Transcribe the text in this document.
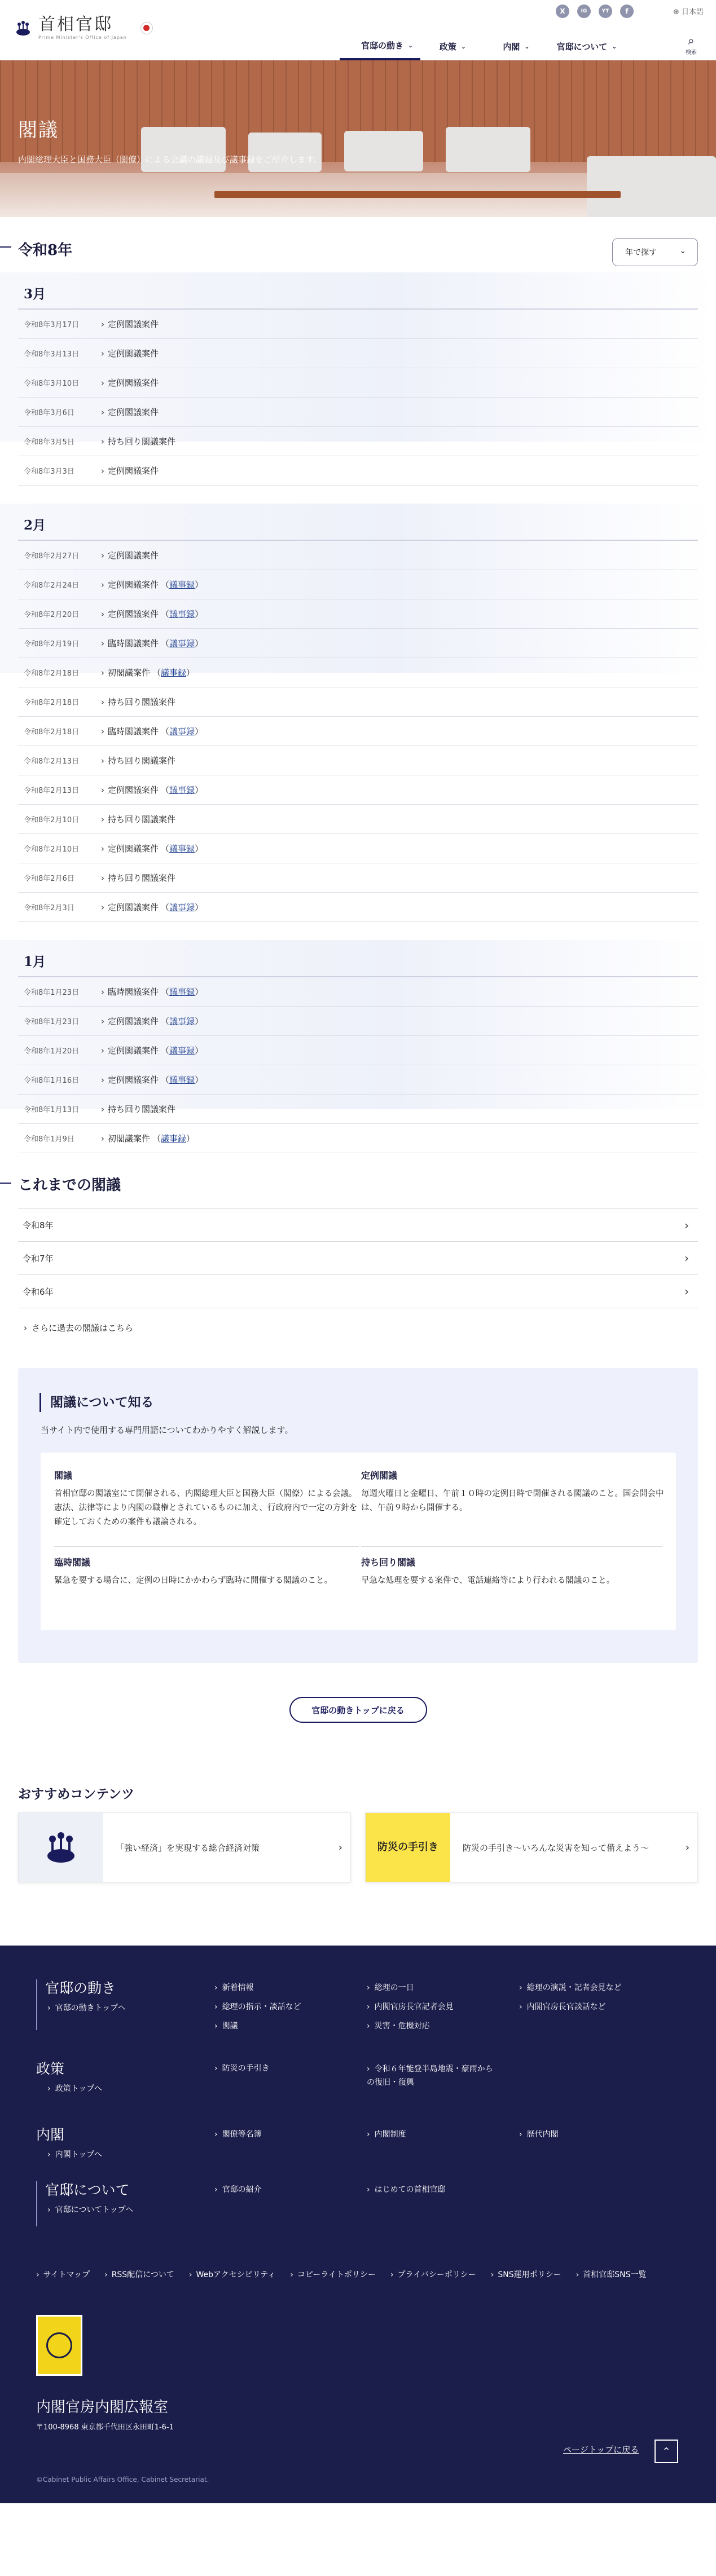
首相官邸
Prime Minister's Office of Japan
X	IG	YT	f	⊕ 日本語
官邸の動き ⌄	政策 ⌄	内閣 ⌄	官邸について ⌄	⌕
検索
閣議

内閣総理大臣と国務大臣（閣僚）による会議の議題及び議事録をご紹介します。

令和8年	年で探す	⌄
3月
令和8年3月17日	› 定例閣議案件
令和8年3月13日	› 定例閣議案件
令和8年3月10日	› 定例閣議案件
令和8年3月6日	› 定例閣議案件
令和8年3月5日	› 持ち回り閣議案件
令和8年3月3日	› 定例閣議案件
2月
令和8年2月27日	› 定例閣議案件
令和8年2月24日	› 定例閣議案件 （議事録）
令和8年2月20日	› 定例閣議案件 （議事録）
令和8年2月19日	› 臨時閣議案件 （議事録）
令和8年2月18日	› 初閣議案件 （議事録）
令和8年2月18日	› 持ち回り閣議案件
令和8年2月18日	› 臨時閣議案件 （議事録）
令和8年2月13日	› 持ち回り閣議案件
令和8年2月13日	› 定例閣議案件 （議事録）
令和8年2月10日	› 持ち回り閣議案件
令和8年2月10日	› 定例閣議案件 （議事録）
令和8年2月6日	› 持ち回り閣議案件
令和8年2月3日	› 定例閣議案件 （議事録）
1月
令和8年1月23日	› 臨時閣議案件 （議事録）
令和8年1月23日	› 定例閣議案件 （議事録）
令和8年1月20日	› 定例閣議案件 （議事録）
令和8年1月16日	› 定例閣議案件 （議事録）
令和8年1月13日	› 持ち回り閣議案件
令和8年1月9日	› 初閣議案件 （議事録）
これまでの閣議
令和8年	›
令和7年	›
令和6年	›
› さらに過去の閣議はこちら
閣議について知る
当サイト内で使用する専門用語についてわかりやすく解説します。
閣議

首相官邸の閣議室にて開催される、内閣総理大臣と国務大臣（閣僚）による会議。
憲法、法律等により内閣の職権とされているものに加え、行政府内で一定の方針を確定しておくための案件も議論される。

定例閣議

毎週火曜日と金曜日、午前１０時の定例日時で開催される閣議のこと。国会開会中は、午前９時から開催する。

臨時閣議

緊急を要する場合に、定例の日時にかかわらず臨時に開催する閣議のこと。

持ち回り閣議

早急な処理を要する案件で、電話連絡等により行われる閣議のこと。

官邸の動きトップに戻る
おすすめコンテンツ
「強い経済」を実現する総合経済対策	›	防災の手引き	防災の手引き～いろんな災害を知って備えよう～	›
官邸の動き
› 官邸の動きトップへ
› 新着情報
› 総理の指示・談話など
› 閣議
› 総理の一日
› 内閣官房長官記者会見
› 災害・危機対応
› 総理の演説・記者会見など
› 内閣官房長官談話など
政策
› 政策トップへ
› 防災の手引き	› 令和６年能登半島地震・豪雨からの復旧・復興
内閣
› 内閣トップへ
› 閣僚等名簿	› 内閣制度	› 歴代内閣
官邸について
› 官邸についてトップへ
› 官邸の紹介	› はじめての首相官邸
› サイトマップ	› RSS配信について	› Webアクセシビリティ	› コピーライトポリシー	› プライバシーポリシー	› SNS運用ポリシー	› 首相官邸SNS一覧
内閣官房内閣広報室
〒100-8968 東京都千代田区永田町1-6-1
©Cabinet Public Affairs Office, Cabinet Secretariat.
ページトップに戻る ⌃
